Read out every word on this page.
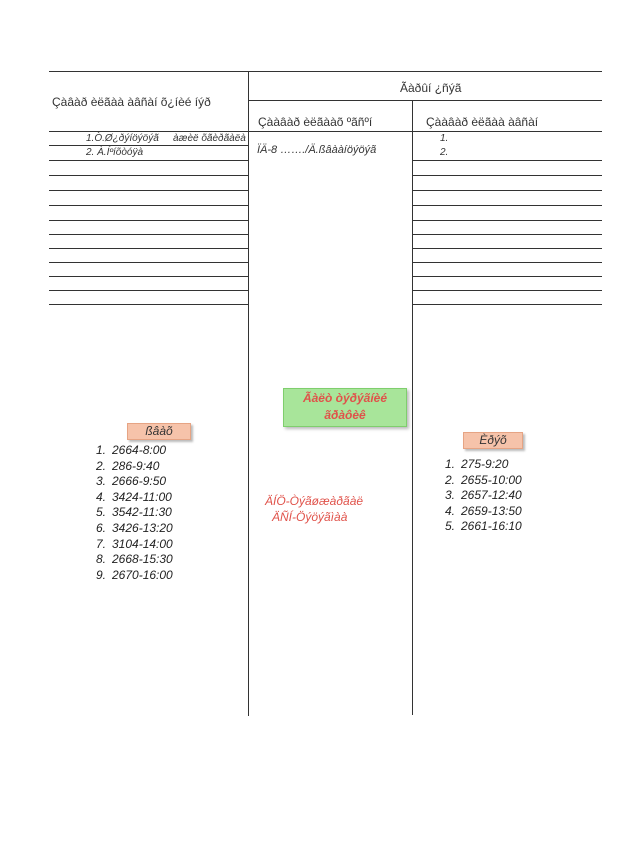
Çàâàð èëãàà àâñàí õ¿íèé íýð
Ãàðûí ¿ñýã
Çààâàð èëãààõ ºãñºí	Çààâàð èëãàà àâñàí
1.Ò.Ø¿ðýíöýöýã àæèë õãèðãàëà
2. À.Íºíõòóÿà	ÏÄ-8 ……./Ä.ßâààíöýöýã
1.
2.
ßâàõ
1. 2664-8:00
2. 286-9:40
3. 2666-9:50
4. 3424-11:00
5. 3542-11:30
6. 3426-13:20
7. 3104-14:00
8. 2668-15:30
9. 2670-16:00
Ãàëò òýðýãíèé
ãðàôèê
ÄÍÖ-Òýãøæàðãàë
ÄÑÍ-Öýöýãìàà
Èðýõ
1. 275-9:20
2. 2655-10:00
3. 2657-12:40
4. 2659-13:50
5. 2661-16:10
